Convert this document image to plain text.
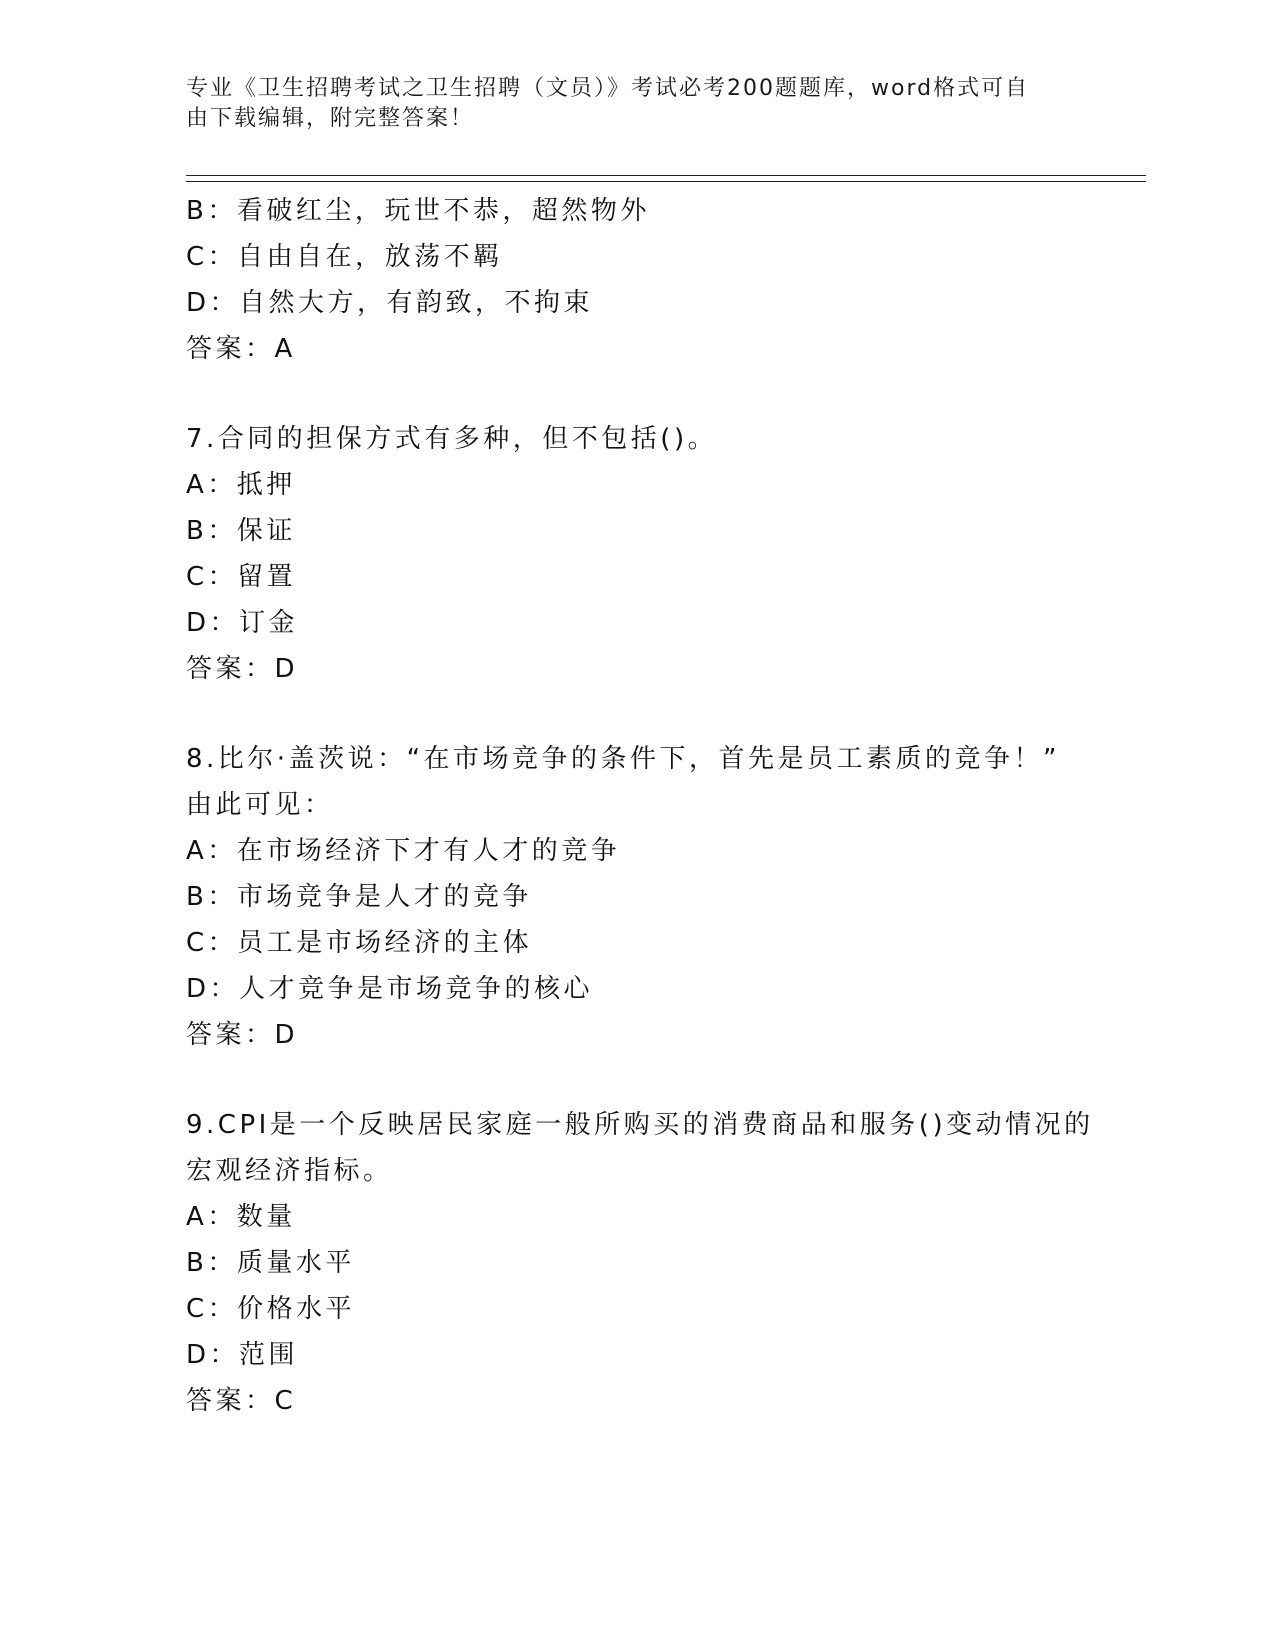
专业《卫生招聘考试之卫生招聘（文员）》考试必考200题题库，word格式可自
由下载编辑，附完整答案！
B：看破红尘，玩世不恭，超然物外
C：自由自在，放荡不羁
D：自然大方，有韵致，不拘束
答案：A
7.合同的担保方式有多种，但不包括()。
A：抵押
B：保证
C：留置
D：订金
答案：D
8.比尔·盖茨说：“在市场竞争的条件下，首先是员工素质的竞争！”
由此可见：
A：在市场经济下才有人才的竞争
B：市场竞争是人才的竞争
C：员工是市场经济的主体
D：人才竞争是市场竞争的核心
答案：D
9.CPI是一个反映居民家庭一般所购买的消费商品和服务()变动情况的
宏观经济指标。
A：数量
B：质量水平
C：价格水平
D：范围
答案：C
